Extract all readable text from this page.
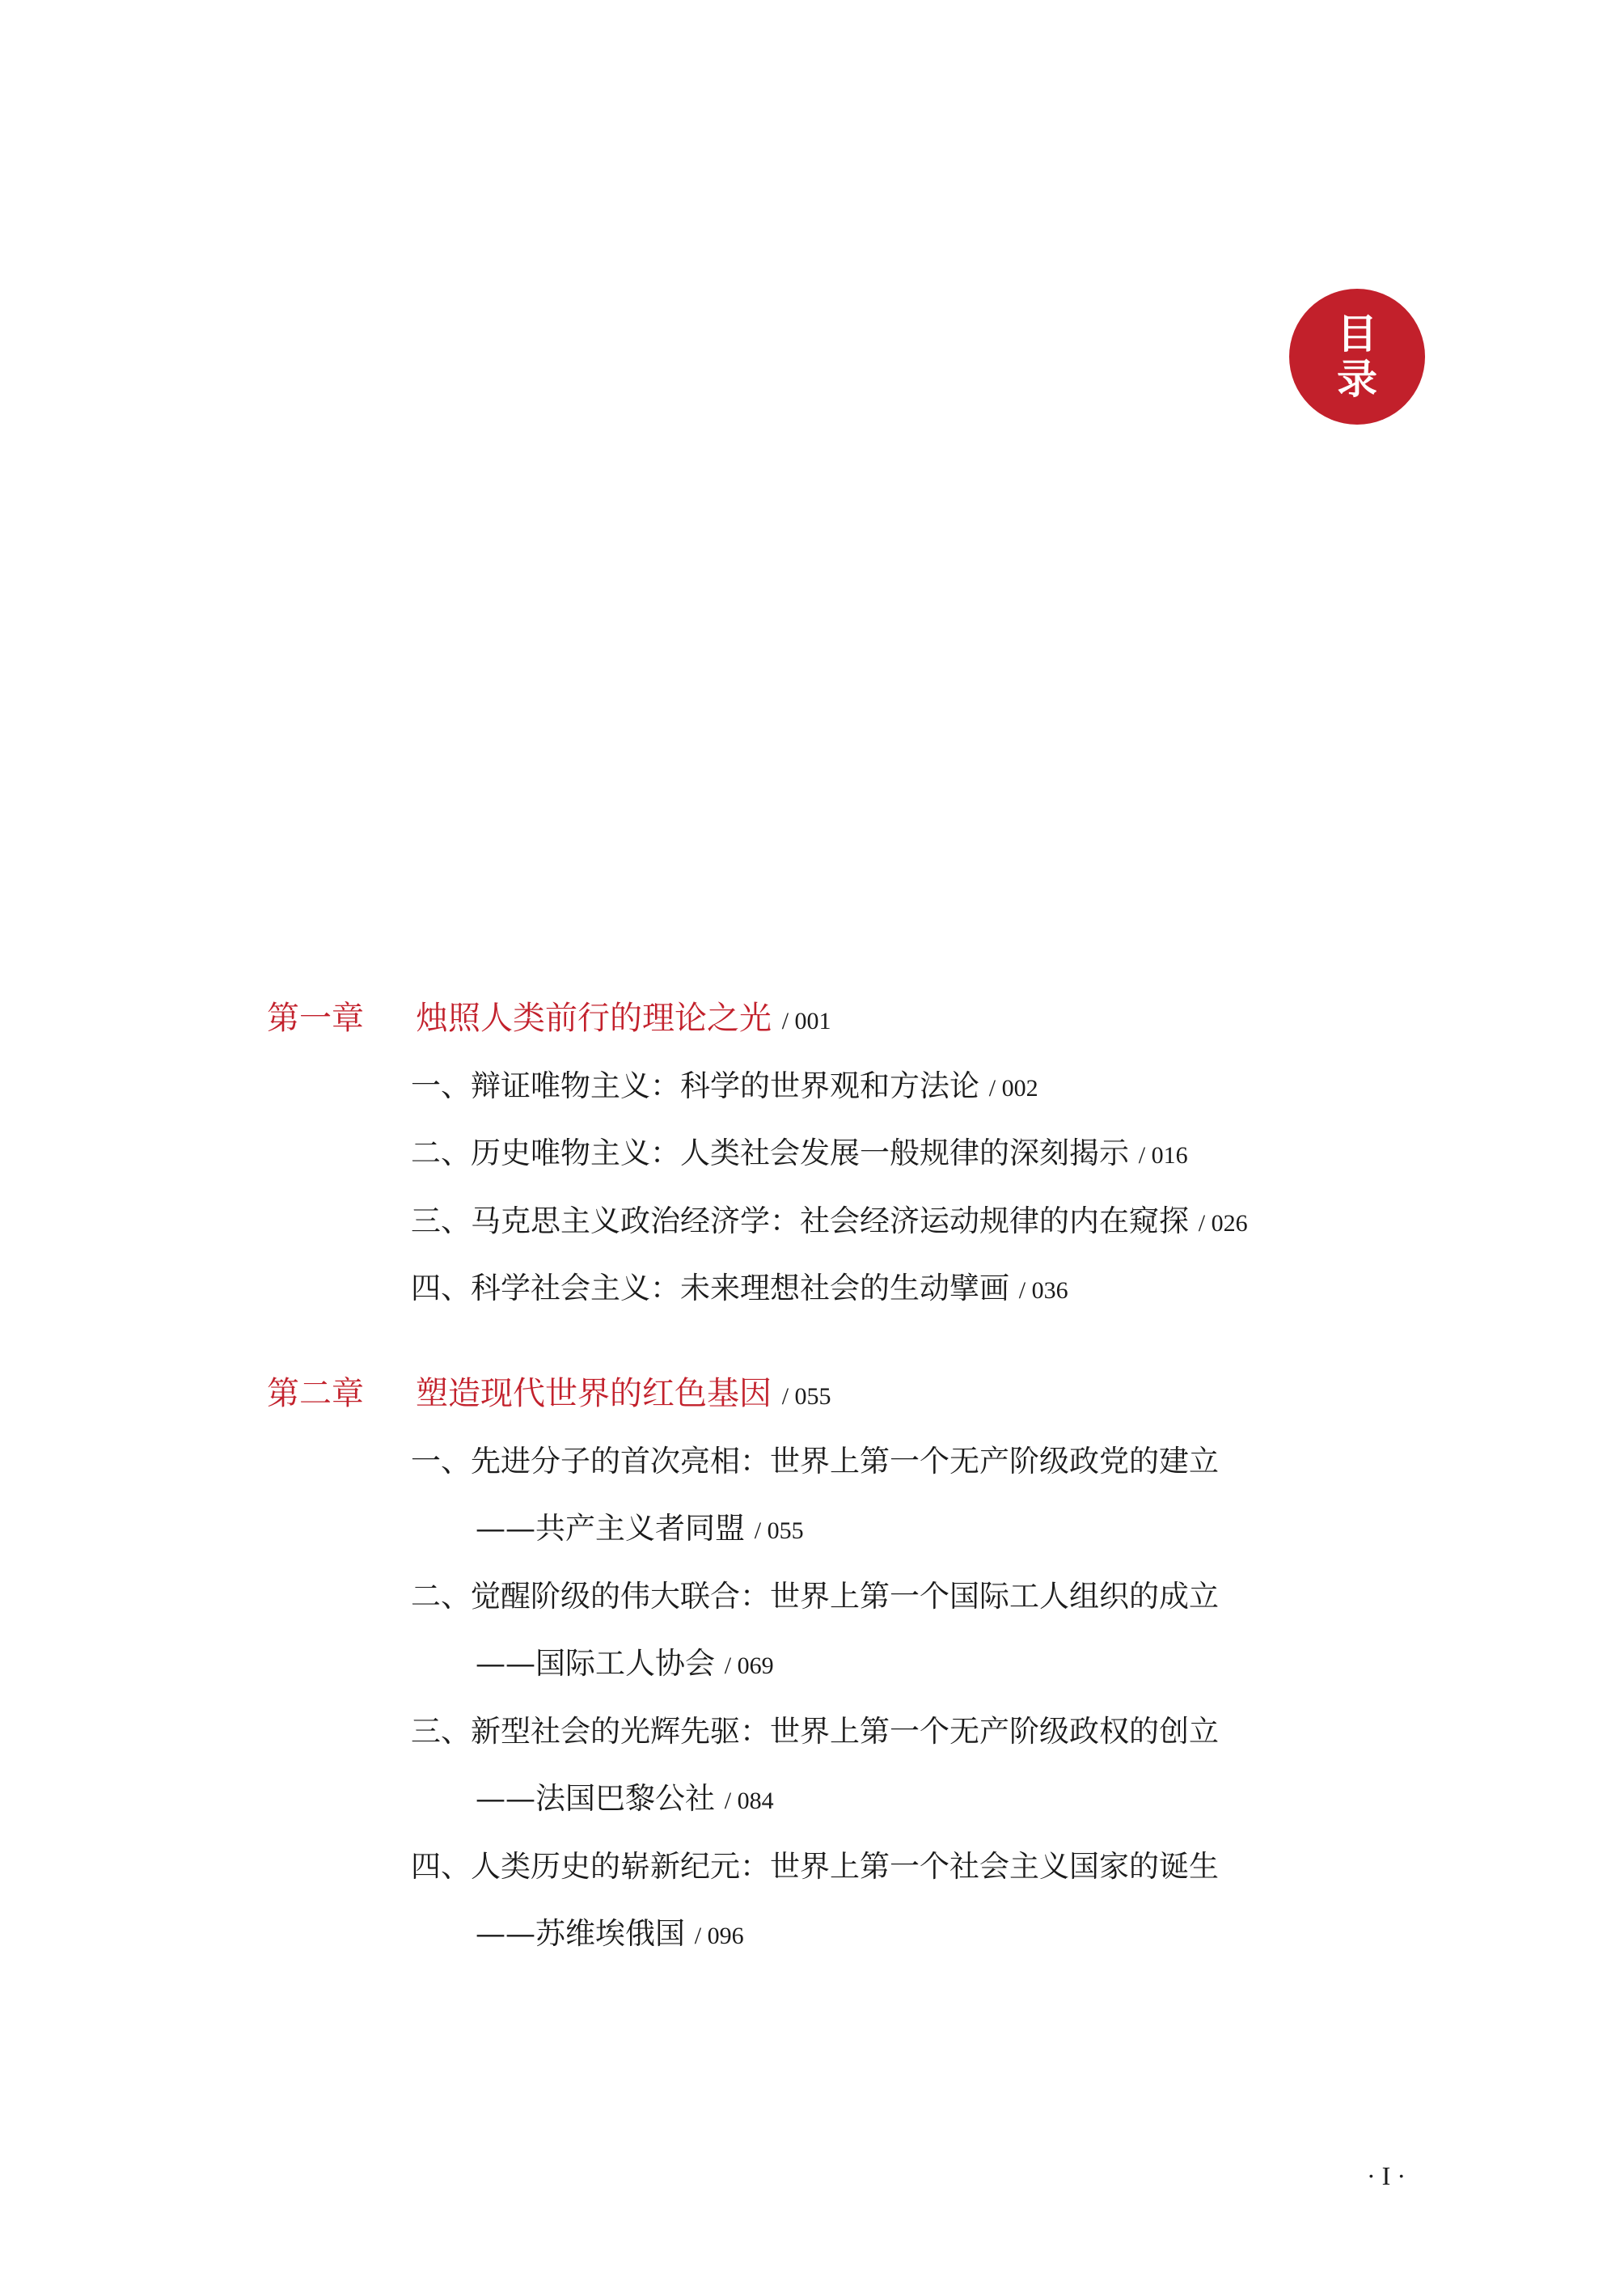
目
录
第一章 烛照人类前行的理论之光 / 001
一、辩证唯物主义：科学的世界观和方法论 / 002
二、历史唯物主义：人类社会发展一般规律的深刻揭示 / 016
三、马克思主义政治经济学：社会经济运动规律的内在窥探 / 026
四、科学社会主义：未来理想社会的生动擘画 / 036
第二章 塑造现代世界的红色基因 / 055
一、先进分子的首次亮相：世界上第一个无产阶级政党的建立
——共产主义者同盟 / 055
二、觉醒阶级的伟大联合：世界上第一个国际工人组织的成立
——国际工人协会 / 069
三、新型社会的光辉先驱：世界上第一个无产阶级政权的创立
——法国巴黎公社 / 084
四、人类历史的崭新纪元：世界上第一个社会主义国家的诞生
——苏维埃俄国 / 096
· I ·
